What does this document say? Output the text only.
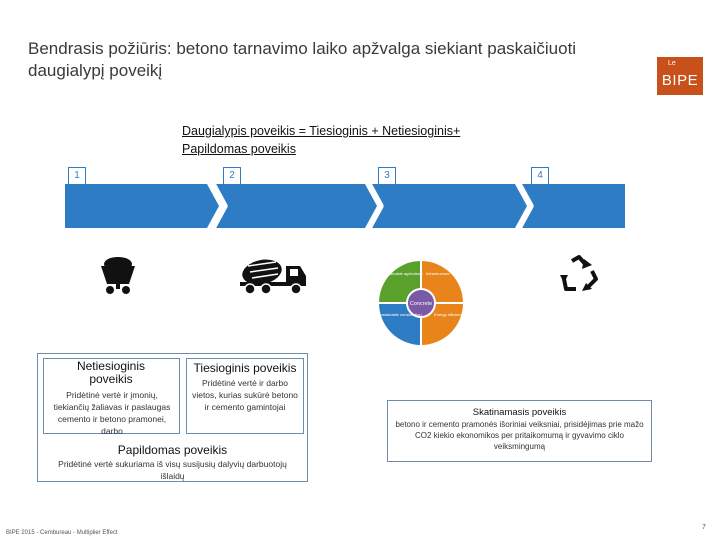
Bendrasis požiūris: betono tarnavimo laiko apžvalga siekiant paskaičiuoti daugialypį poveikį	Le
BIPE
Daugialypis poveikis = Tiesioginis + Netiesioginis+
Papildomas poveikis
1	2	3	4
Žaliavų šaltinis	Gamyba	Pritaikymas
Tarnavimo pabaiga
Concrete
Sustainable agriculture Infrastructure
Energy efficiency
Sustainable construction
Netiesioginis poveikis
Pridėtinė vertė ir įmonių, tiekiančių žaliavas ir paslaugas cemento ir betono pramonei, darbo
Tiesioginis poveikis
Pridėtinė vertė ir darbo vietos, kurias sukūrė betono ir cemento gamintojai
Papildomas poveikis
Pridėtinė vertė sukuriama iš visų susijusių dalyvių darbuotojų išlaidų
Skatinamasis poveikis
betono ir cemento pramonės išoriniai veiksniai, prisidėjimas prie mažo CO2 kiekio ekonomikos per pritaikomumą ir gyvavimo ciklo veiksmingumą
BIPE 2015 - Cembureau - Multiplier Effect
7
